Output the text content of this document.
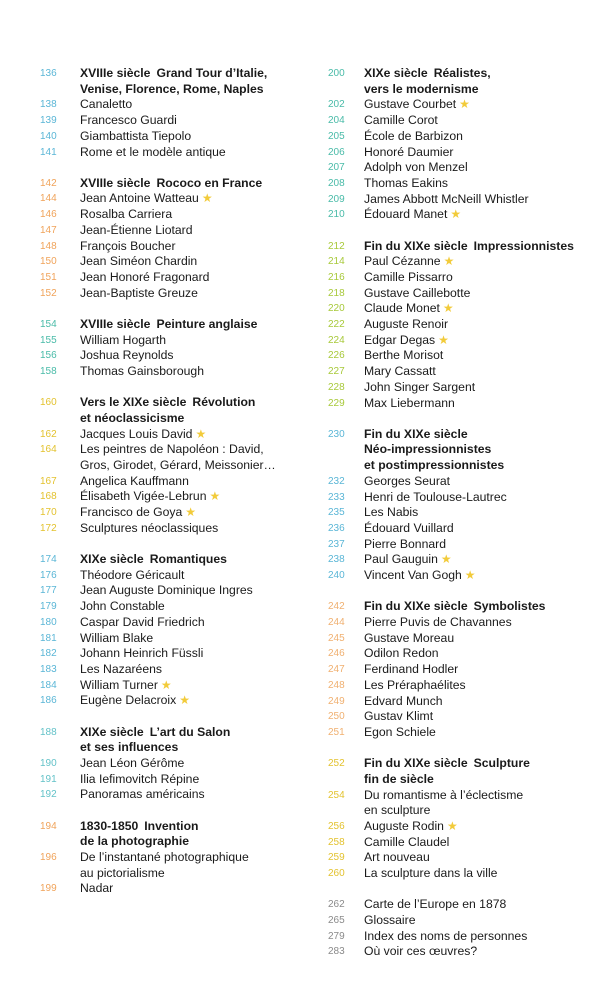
136	XVIIIe siècle Grand Tour d’Italie,
Venise, Florence, Rome, Naples
138	Canaletto
139	Francesco Guardi
140	Giambattista Tiepolo
141	Rome et le modèle antique
142	XVIIIe siècle Rococo en France
144	Jean Antoine Watteau ★
146	Rosalba Carriera
147	Jean-Étienne Liotard
148	François Boucher
150	Jean Siméon Chardin
151	Jean Honoré Fragonard
152	Jean-Baptiste Greuze
154	XVIIIe siècle Peinture anglaise
155	William Hogarth
156	Joshua Reynolds
158	Thomas Gainsborough
160	Vers le XIXe siècle Révolution
et néoclassicisme
162	Jacques Louis David ★
164	Les peintres de Napoléon : David,
Gros, Girodet, Gérard, Meissonier…
167	Angelica Kauffmann
168	Élisabeth Vigée-Lebrun ★
170	Francisco de Goya ★
172	Sculptures néoclassiques
174	XIXe siècle Romantiques
176	Théodore Géricault
177	Jean Auguste Dominique Ingres
179	John Constable
180	Caspar David Friedrich
181	William Blake
182	Johann Heinrich Füssli
183	Les Nazaréens
184	William Turner ★
186	Eugène Delacroix ★
188	XIXe siècle L’art du Salon
et ses influences
190	Jean Léon Gérôme
191	Ilia Iefimovitch Répine
192	Panoramas américains
194	1830-1850 Invention
de la photographie
196	De l’instantané photographique
au pictorialisme
199	Nadar
200	XIXe siècle Réalistes,
vers le modernisme
202	Gustave Courbet ★
204	Camille Corot
205	École de Barbizon
206	Honoré Daumier
207	Adolph von Menzel
208	Thomas Eakins
209	James Abbott McNeill Whistler
210	Édouard Manet ★
212	Fin du XIXe siècle Impressionnistes
214	Paul Cézanne ★
216	Camille Pissarro
218	Gustave Caillebotte
220	Claude Monet ★
222	Auguste Renoir
224	Edgar Degas ★
226	Berthe Morisot
227	Mary Cassatt
228	John Singer Sargent
229	Max Liebermann
230	Fin du XIXe siècle
Néo-impressionnistes
et postimpressionnistes
232	Georges Seurat
233	Henri de Toulouse-Lautrec
235	Les Nabis
236	Édouard Vuillard
237	Pierre Bonnard
238	Paul Gauguin ★
240	Vincent Van Gogh ★
242	Fin du XIXe siècle Symbolistes
244	Pierre Puvis de Chavannes
245	Gustave Moreau
246	Odilon Redon
247	Ferdinand Hodler
248	Les Préraphaélites
249	Edvard Munch
250	Gustav Klimt
251	Egon Schiele
252	Fin du XIXe siècle Sculpture
fin de siècle
254	Du romantisme à l’éclectisme
en sculpture
256	Auguste Rodin ★
258	Camille Claudel
259	Art nouveau
260	La sculpture dans la ville
262	Carte de l’Europe en 1878
265	Glossaire
279	Index des noms de personnes
283	Où voir ces œuvres?
